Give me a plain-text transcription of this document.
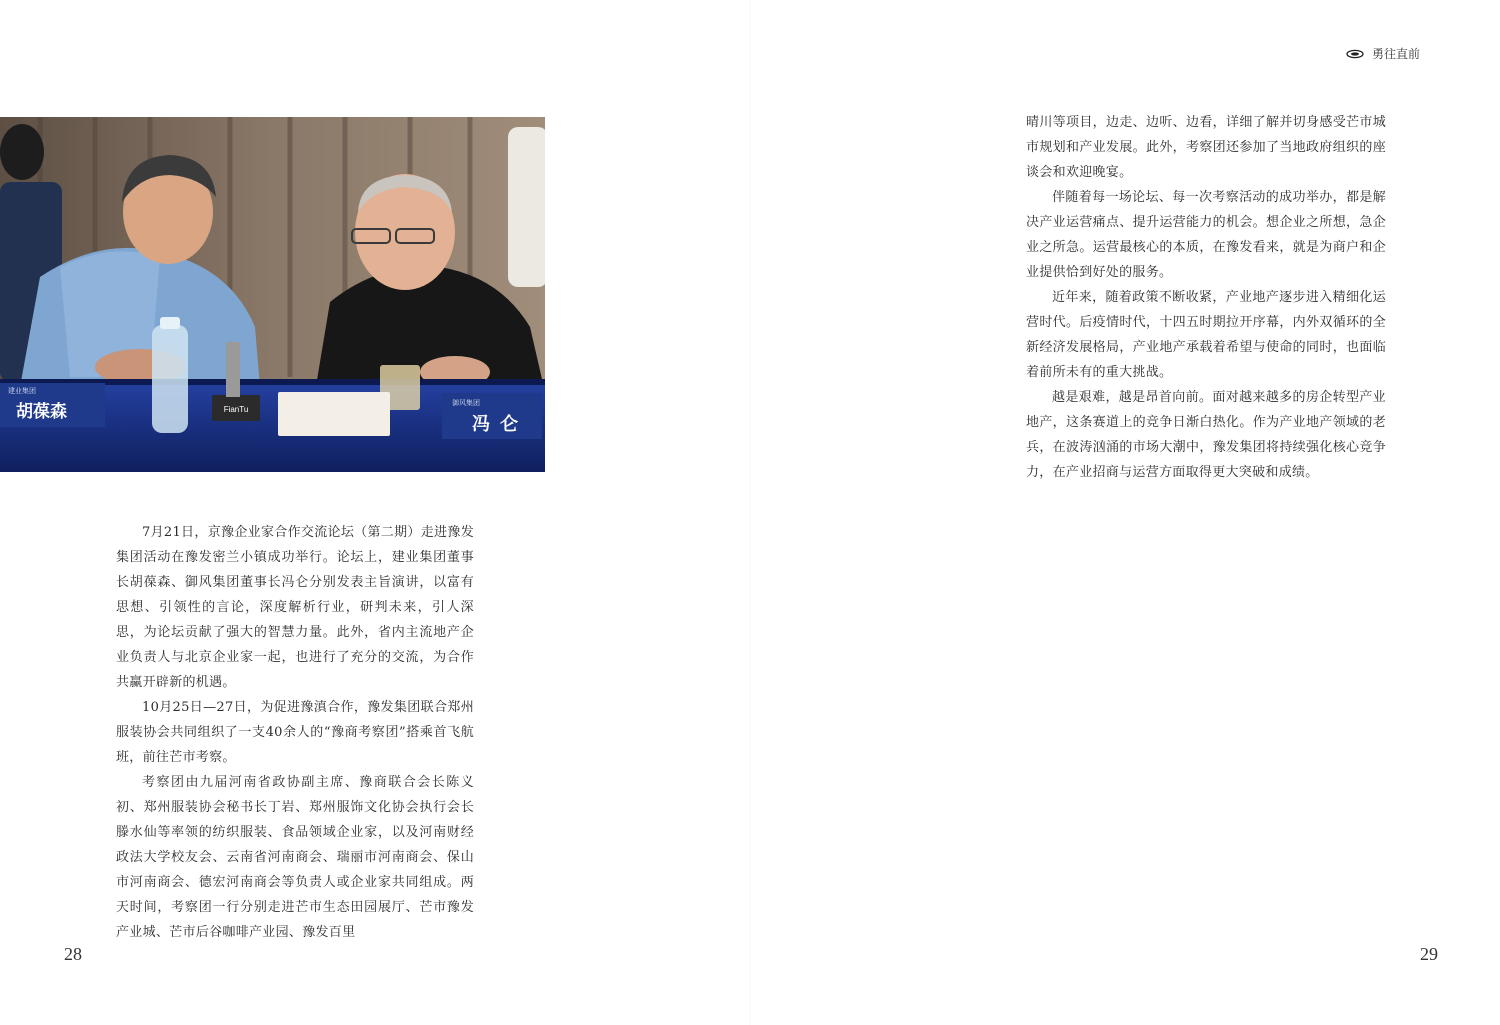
勇往直前
FianTu
建业集团
胡葆森	御风集团
冯仑

7月21日，京豫企业家合作交流论坛（第二期）走进豫发集团活动在豫发密兰小镇成功举行。论坛上，建业集团董事长胡葆森、御风集团董事长冯仑分别发表主旨演讲，以富有思想、引领性的言论，深度解析行业，研判未来，引人深思，为论坛贡献了强大的智慧力量。此外，省内主流地产企业负责人与北京企业家一起，也进行了充分的交流，为合作共赢开辟新的机遇。

10月25日—27日，为促进豫滇合作，豫发集团联合郑州服装协会共同组织了一支40余人的“豫商考察团”搭乘首飞航班，前往芒市考察。

考察团由九届河南省政协副主席、豫商联合会长陈义初、郑州服装协会秘书长丁岩、郑州服饰文化协会执行会长滕水仙等率领的纺织服装、食品领域企业家，以及河南财经政法大学校友会、云南省河南商会、瑞丽市河南商会、保山市河南商会、德宏河南商会等负责人或企业家共同组成。两天时间，考察团一行分别走进芒市生态田园展厅、芒市豫发产业城、芒市后谷咖啡产业园、豫发百里

晴川等项目，边走、边听、边看，详细了解并切身感受芒市城市规划和产业发展。此外，考察团还参加了当地政府组织的座谈会和欢迎晚宴。

伴随着每一场论坛、每一次考察活动的成功举办，都是解决产业运营痛点、提升运营能力的机会。想企业之所想，急企业之所急。运营最核心的本质，在豫发看来，就是为商户和企业提供恰到好处的服务。

近年来，随着政策不断收紧，产业地产逐步进入精细化运营时代。后疫情时代，十四五时期拉开序幕，内外双循环的全新经济发展格局，产业地产承载着希望与使命的同时，也面临着前所未有的重大挑战。

越是艰难，越是昂首向前。面对越来越多的房企转型产业地产，这条赛道上的竞争日渐白热化。作为产业地产领域的老兵，在波涛汹涌的市场大潮中，豫发集团将持续强化核心竞争力，在产业招商与运营方面取得更大突破和成绩。

28	29
